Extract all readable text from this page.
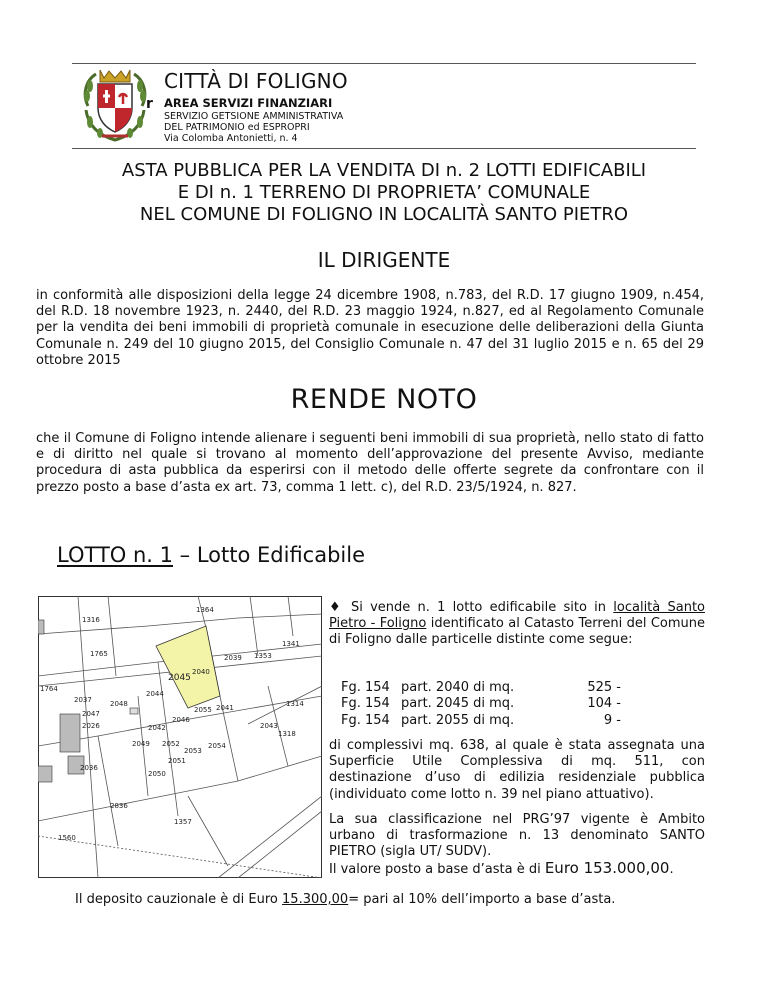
r
CITTÀ DI FOLIGNO
AREA SERVIZI FINANZIARI
SERVIZIO GETSIONE AMMINISTRATIVA
DEL PATRIMONIO ed ESPROPRI
Via Colomba Antonietti, n. 4
ASTA PUBBLICA PER LA VENDITA DI n. 2 LOTTI EDIFICABILI
E DI n. 1 TERRENO DI PROPRIETA’ COMUNALE
NEL COMUNE DI FOLIGNO IN LOCALITÀ SANTO PIETRO
IL DIRIGENTE
in conformità alle disposizioni della legge 24 dicembre 1908, n.783, del R.D. 17 giugno 1909, n.454, del R.D. 18 novembre 1923, n. 2440, del R.D. 23 maggio 1924, n.827, ed al Regolamento Comunale per la vendita dei beni immobili di proprietà comunale in esecuzione delle deliberazioni della Giunta Comunale n. 249 del 10 giugno 2015, del Consiglio Comunale n. 47 del 31 luglio 2015 e n. 65 del 29 ottobre 2015
RENDE NOTO
che il Comune di Foligno intende alienare i seguenti beni immobili di sua proprietà, nello stato di fatto e di diritto nel quale si trovano al momento dell’approvazione del presente Avviso, mediante procedura di asta pubblica da esperirsi con il metodo delle offerte segrete da confrontare con il prezzo posto a base d’asta ex art. 73, comma 1 lett. c), del R.D. 23/5/1924, n. 827.
LOTTO n. 1 – Lotto Edificabile
1316
1364
1765
1341
2039 1353
2040
2045
1764
2044
2037	2048	2041	1314
2047
2046
2026	2042
2055
2043
1318
2049 2052
2053
2054
2051
2036
2050
2836
1357
1560
♦ Si vende n. 1 lotto edificabile sito in località Santo Pietro - Foligno identificato al Catasto Terreni del Comune di Foligno dalle particelle distinte come segue:
Fg. 154	part. 2040 di mq.	525 -
Fg. 154	part. 2045 di mq.	104 -
Fg. 154	part. 2055 di mq.	9 -
di complessivi mq. 638, al quale è stata assegnata una Superficie Utile Complessiva di mq. 511, con destinazione d’uso di edilizia residenziale pubblica (individuato come lotto n. 39 nel piano attuativo).
La sua classificazione nel PRG’97 vigente è Ambito urbano di trasformazione n. 13 denominato SANTO PIETRO (sigla UT/ SUDV).
Il valore posto a base d’asta è di Euro 153.000,00.
Il deposito cauzionale è di Euro 15.300,00= pari al 10% dell’importo a base d’asta.
